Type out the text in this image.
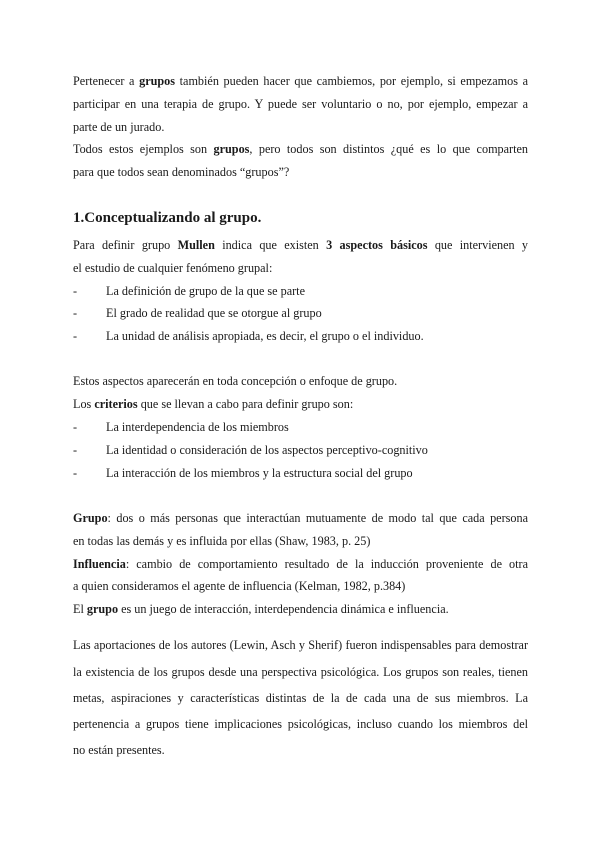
Pertenecer a grupos también pueden hacer que cambiemos, por ejemplo, si empezamos a
participar en una terapia de grupo. Y puede ser voluntario o no, por ejemplo, empezar a
parte de un jurado.
Todos estos ejemplos son grupos, pero todos son distintos ¿qué es lo que comparten
para que todos sean denominados “grupos”?
1.Conceptualizando al grupo.
Para definir grupo Mullen indica que existen 3 aspectos básicos que intervienen y
el estudio de cualquier fenómeno grupal:
- La definición de grupo de la que se parte
- El grado de realidad que se otorgue al grupo
- La unidad de análisis apropiada, es decir, el grupo o el individuo.
Estos aspectos aparecerán en toda concepción o enfoque de grupo.
Los criterios que se llevan a cabo para definir grupo son:
- La interdependencia de los miembros
- La identidad o consideración de los aspectos perceptivo-cognitivo
- La interacción de los miembros y la estructura social del grupo
Grupo: dos o más personas que interactúan mutuamente de modo tal que cada persona
en todas las demás y es influida por ellas (Shaw, 1983, p. 25)
Influencia: cambio de comportamiento resultado de la inducción proveniente de otra
a quien consideramos el agente de influencia (Kelman, 1982, p.384)
El grupo es un juego de interacción, interdependencia dinámica e influencia.
Las aportaciones de los autores (Lewin, Asch y Sherif) fueron indispensables para demostrar
la existencia de los grupos desde una perspectiva psicológica. Los grupos son reales, tienen
metas, aspiraciones y características distintas de la de cada una de sus miembros. La
pertenencia a grupos tiene implicaciones psicológicas, incluso cuando los miembros del
no están presentes.
